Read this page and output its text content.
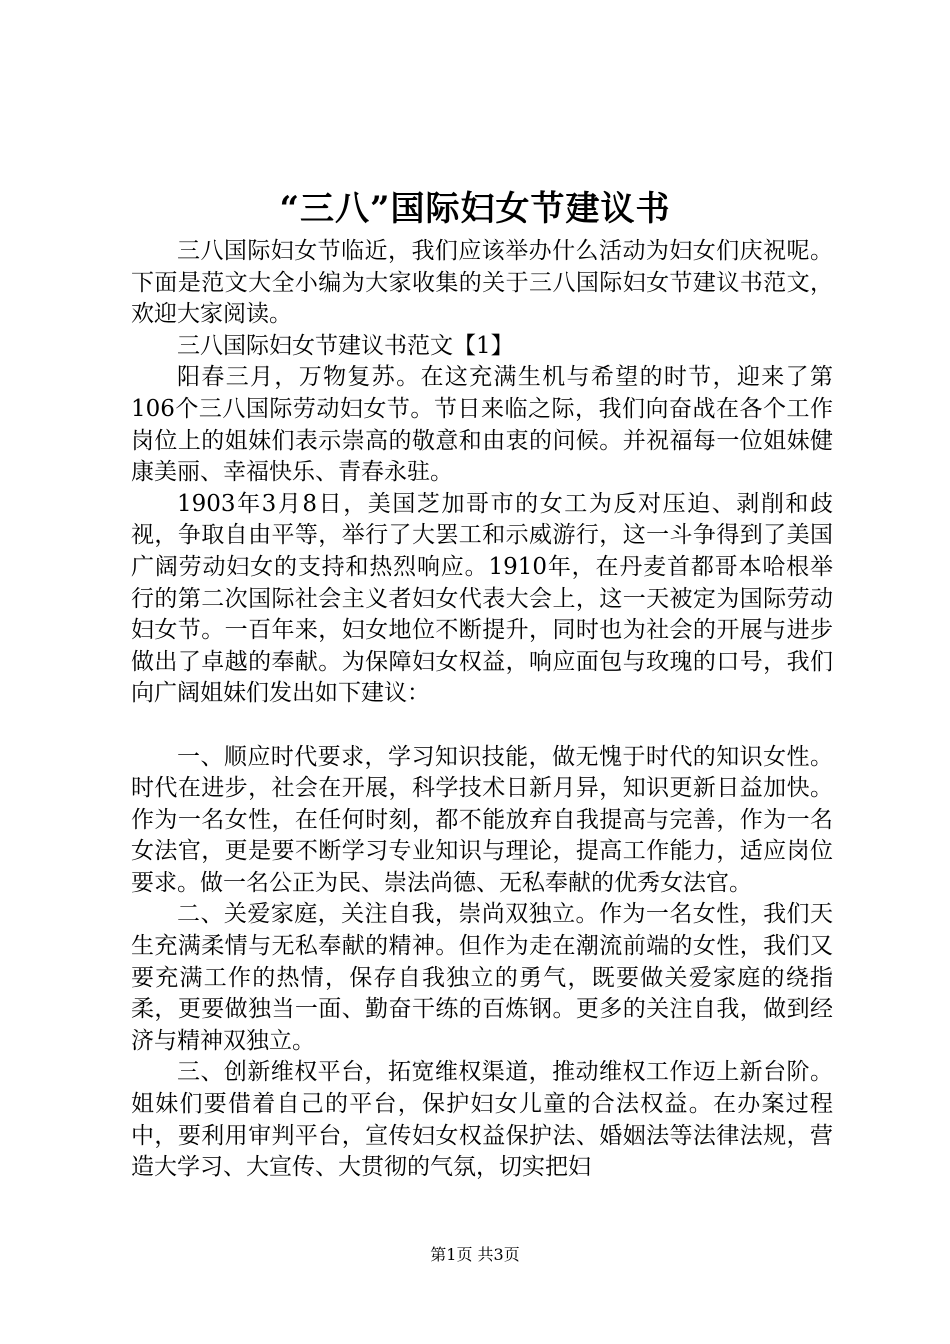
“三八”国际妇女节建议书

三八国际妇女节临近，我们应该举办什么活动为妇女们庆祝呢。下面是范文大全小编为大家收集的关于三八国际妇女节建议书范文，欢迎大家阅读。

三八国际妇女节建议书范文【1】

阳春三月，万物复苏。在这充满生机与希望的时节，迎来了第106个三八国际劳动妇女节。节日来临之际，我们向奋战在各个工作岗位上的姐妹们表示崇高的敬意和由衷的问候。并祝福每一位姐妹健康美丽、幸福快乐、青春永驻。

1903年3月8日，美国芝加哥市的女工为反对压迫、剥削和歧视，争取自由平等，举行了大罢工和示威游行，这一斗争得到了美国广阔劳动妇女的支持和热烈响应。1910年，在丹麦首都哥本哈根举行的第二次国际社会主义者妇女代表大会上，这一天被定为国际劳动妇女节。一百年来，妇女地位不断提升，同时也为社会的开展与进步做出了卓越的奉献。为保障妇女权益，响应面包与玫瑰的口号，我们向广阔姐妹们发出如下建议：

一、顺应时代要求，学习知识技能，做无愧于时代的知识女性。时代在进步，社会在开展，科学技术日新月异，知识更新日益加快。作为一名女性，在任何时刻，都不能放弃自我提高与完善，作为一名女法官，更是要不断学习专业知识与理论，提高工作能力，适应岗位要求。做一名公正为民、崇法尚德、无私奉献的优秀女法官。

二、关爱家庭，关注自我，崇尚双独立。作为一名女性，我们天生充满柔情与无私奉献的精神。但作为走在潮流前端的女性，我们又要充满工作的热情，保存自我独立的勇气，既要做关爱家庭的绕指柔，更要做独当一面、勤奋干练的百炼钢。更多的关注自我，做到经济与精神双独立。

三、创新维权平台，拓宽维权渠道，推动维权工作迈上新台阶。姐妹们要借着自己的平台，保护妇女儿童的合法权益。在办案过程中，要利用审判平台，宣传妇女权益保护法、婚姻法等法律法规，营造大学习、大宣传、大贯彻的气氛，切实把妇

第1页 共3页
